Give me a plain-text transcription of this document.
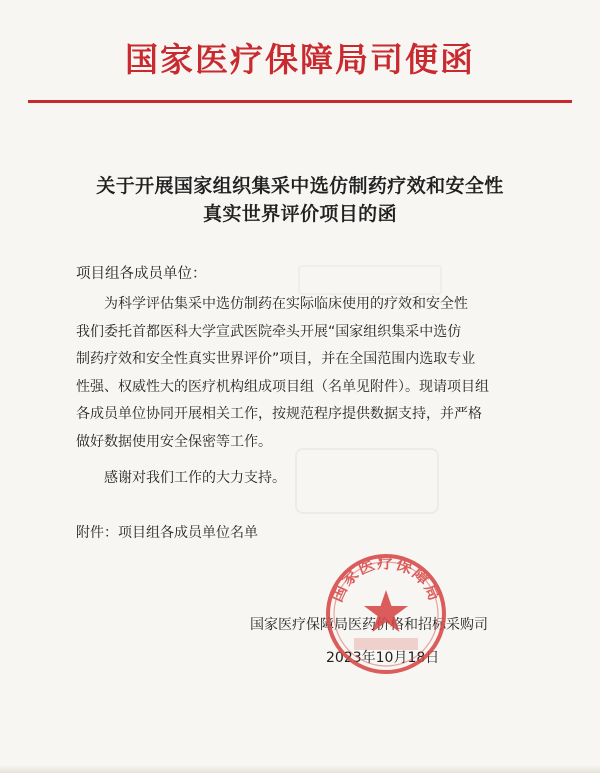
国家医疗保障局司便函
关于开展国家组织集采中选仿制药疗效和安全性
真实世界评价项目的函
项目组各成员单位：
为科学评估集采中选仿制药在实际临床使用的疗效和安全性
我们委托首都医科大学宣武医院牵头开展“国家组织集采中选仿
制药疗效和安全性真实世界评价”项目，并在全国范围内选取专业
性强、权威性大的医疗机构组成项目组（名单见附件）。现请项目组
各成员单位协同开展相关工作，按规范程序提供数据支持，并严格
做好数据使用安全保密等工作。
感谢对我们工作的大力支持。
附件：项目组各成员单位名单
国家医疗保障局
国家医疗保障局医药价格和招标采购司
2023年10月18日
